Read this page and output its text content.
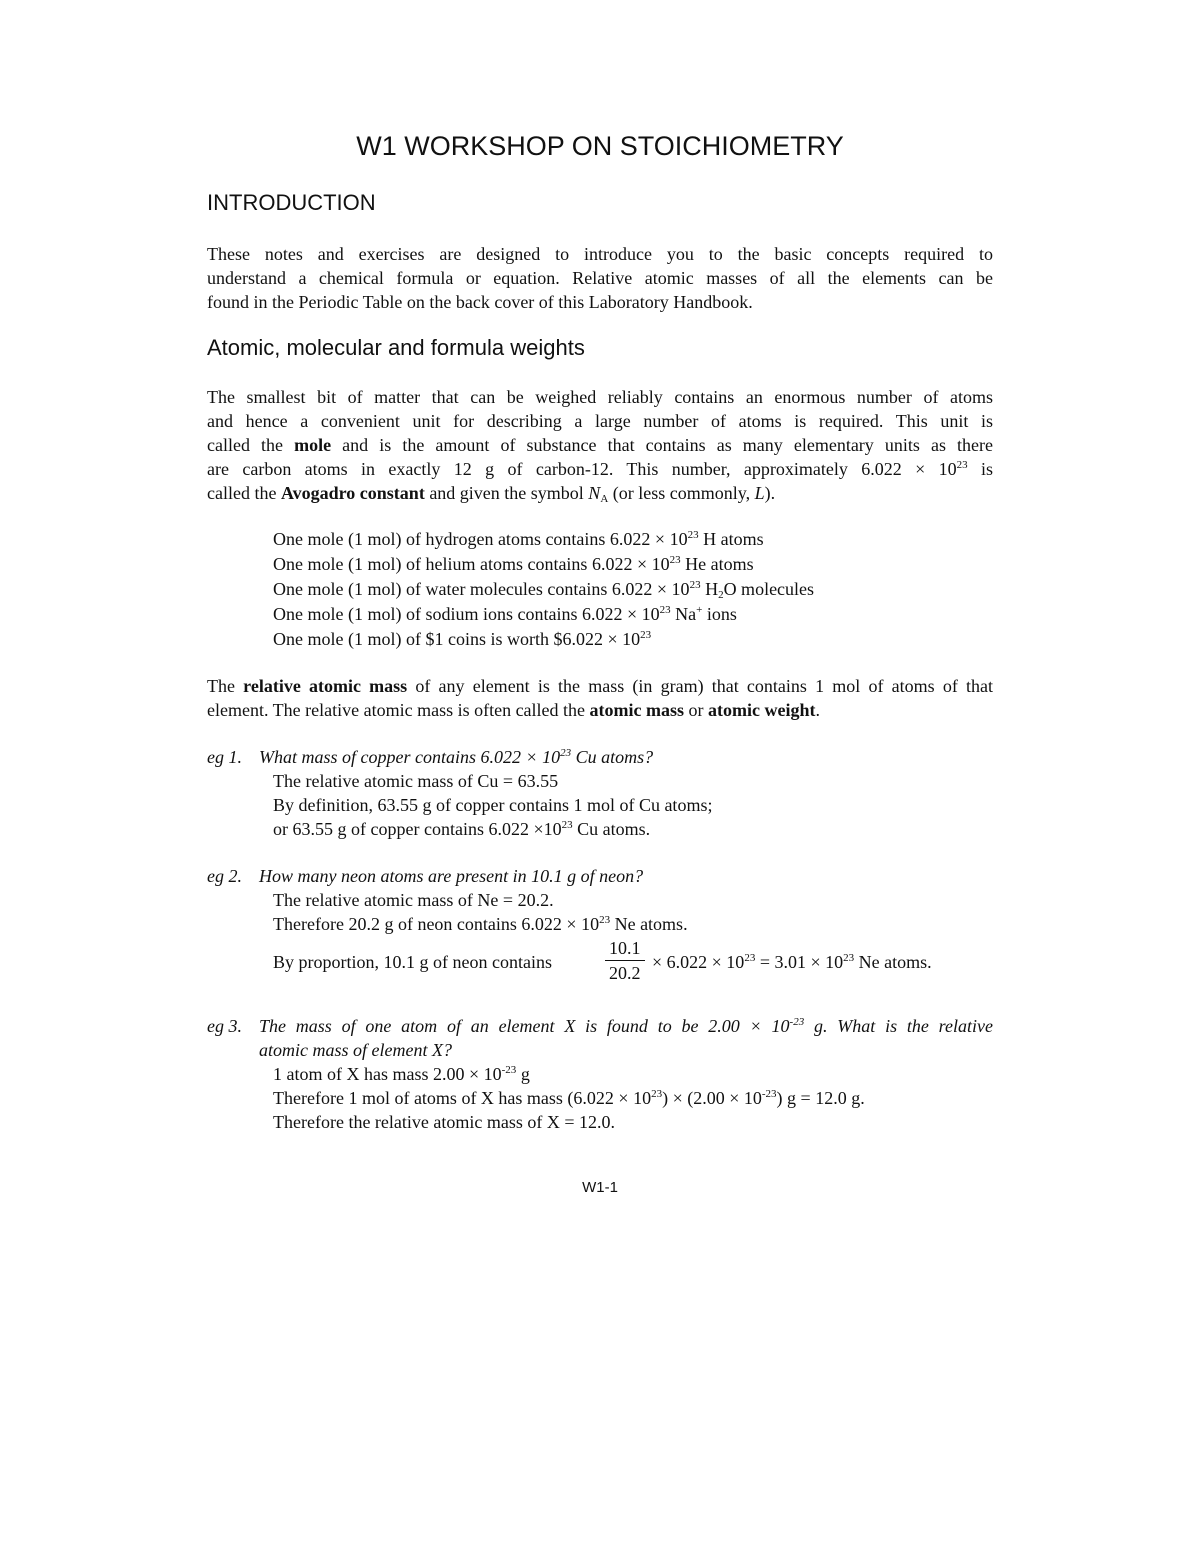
W1 WORKSHOP ON STOICHIOMETRY
INTRODUCTION
These notes and exercises are designed to introduce you to the basic concepts required to
understand a chemical formula or equation. Relative atomic masses of all the elements can be
found in the Periodic Table on the back cover of this Laboratory Handbook.
Atomic, molecular and formula weights
The smallest bit of matter that can be weighed reliably contains an enormous number of atoms
and hence a convenient unit for describing a large number of atoms is required. This unit is
called the mole and is the amount of substance that contains as many elementary units as there
are carbon atoms in exactly 12 g of carbon-12. This number, approximately $6.022 \times 10^{23}$ is
called the Avogadro constant and given the symbol $N_A$ (or less commonly, L).
One mole (1 mol) of hydrogen atoms contains $6.022 \times 10^{23}$ H atoms
One mole (1 mol) of helium atoms contains $6.022 \times 10^{23}$ He atoms
One mole (1 mol) of water molecules contains $6.022 \times 10^{23}$ $H_2O$ molecules
One mole (1 mol) of sodium ions contains $6.022 \times 10^{23}$ Na+ ions
One mole (1 mol) of $1 coins is worth $6.022 × $10^{23}$
The relative atomic mass of any element is the mass (in gram) that contains 1 mol of atoms of that
element. The relative atomic mass is often called the atomic mass or atomic weight.
eg 1. What mass of copper contains $6.022 \times 10^{23}$ Cu atoms?
The relative atomic mass of Cu = 63.55
By definition, 63.55 g of copper contains 1 mol of Cu atoms;
or 63.55 g of copper contains $6.022 \times 10^{23}$ Cu atoms.
eg 2. How many neon atoms are present in 10.1 g of neon?
The relative atomic mass of Ne = 20.2.
Therefore 20.2 g of neon contains $6.022 \times 10^{23}$ Ne atoms.
By proportion, 10.1 g of neon contains	$\frac{10.1}{20.2} \times 6.022 \times 10^{23} = 3.01 \times 10^{23}$ Ne atoms.
eg 3. The mass of one atom of an element X is found to be $2.00 \times 10^{-23}$ g. What is the relative
atomic mass of element X?
1 atom of X has mass $2.00 \times 10^{-23}$ g
Therefore 1 mol of atoms of X has mass $(6.022 \times 10^{23}) \times (2.00 \times 10^{-23})$ g = 12.0 g.
Therefore the relative atomic mass of X = 12.0.
W1-1
